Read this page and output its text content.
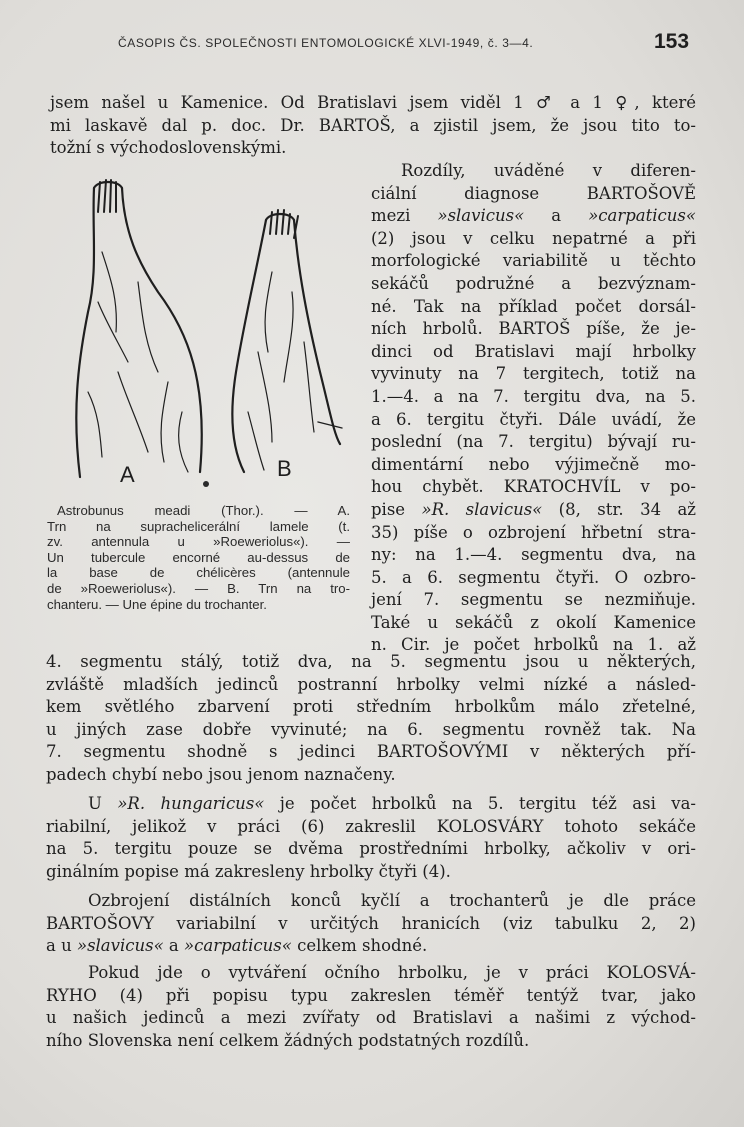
ČASOPIS ČS. SPOLEČNOSTI ENTOMOLOGICKÉ XLVI-1949, č. 3—4.	153
jsem našel u Kamenice. Od Bratislavi jsem viděl 1 ♂ a 1 ♀, které
mi laskavě dal p. doc. Dr. BARTOŠ, a zjistil jsem, že jsou tito to-
tožní s východoslovenskými.
Rozdíly, uváděné v diferen-
ciální diagnose BARTOŠOVĚ
mezi »slavicus« a »carpaticus«
(2) jsou v celku nepatrné a při
morfologické variabilitě u těchto
sekáčů podružné a bezvýznam-
né. Tak na příklad počet dorsál-
ních hrbolů. BARTOŠ píše, že je-
dinci od Bratislavi mají hrbolky
vyvinuty na 7 tergitech, totiž na
1.—4. a na 7. tergitu dva, na 5.
a 6. tergitu čtyři. Dále uvádí, že
poslední (na 7. tergitu) bývají ru-
dimentární nebo výjimečně mo-
hou chybět. KRATOCHVÍL v po-
pise »R. slavicus« (8, str. 34 až
35) píše o ozbrojení hřbetní stra-
ny: na 1.—4. segmentu dva, na
5. a 6. segmentu čtyři. O ozbro-
jení 7. segmentu se nezmiňuje.
Také u sekáčů z okolí Kamenice
n. Cir. je počet hrbolků na 1. až
A	B
Astrobunus meadi (Thor.). — A.
Trn na suprachelicerální lamele (t.
zv. antennula u »Roeweriolus«). —
Un tubercule encorné au-dessus de
la base de chélicères (antennule
de »Roeweriolus«). — B. Trn na tro-
chanteru. — Une épine du trochanter.
4. segmentu stálý, totiž dva, na 5. segmentu jsou u některých,
zvláště mladších jedinců postranní hrbolky velmi nízké a násled-
kem světlého zbarvení proti středním hrbolkům málo zřetelné,
u jiných zase dobře vyvinuté; na 6. segmentu rovněž tak. Na
7. segmentu shodně s jedinci BARTOŠOVÝMI v některých pří-
padech chybí nebo jsou jenom naznačeny.
U »R. hungaricus« je počet hrbolků na 5. tergitu též asi va-
riabilní, jelikož v práci (6) zakreslil KOLOSVÁRY tohoto sekáče
na 5. tergitu pouze se dvěma prostředními hrbolky, ačkoliv v ori-
ginálním popise má zakresleny hrbolky čtyři (4).
Ozbrojení distálních konců kyčlí a trochanterů je dle práce
BARTOŠOVY variabilní v určitých hranicích (viz tabulku 2, 2)
a u »slavicus« a »carpaticus« celkem shodné.
Pokud jde o vytváření očního hrbolku, je v práci KOLOSVÁ-
RYHO (4) při popisu typu zakreslen téměř tentýž tvar, jako
u našich jedinců a mezi zvířaty od Bratislavi a našimi z východ-
ního Slovenska není celkem žádných podstatných rozdílů.
